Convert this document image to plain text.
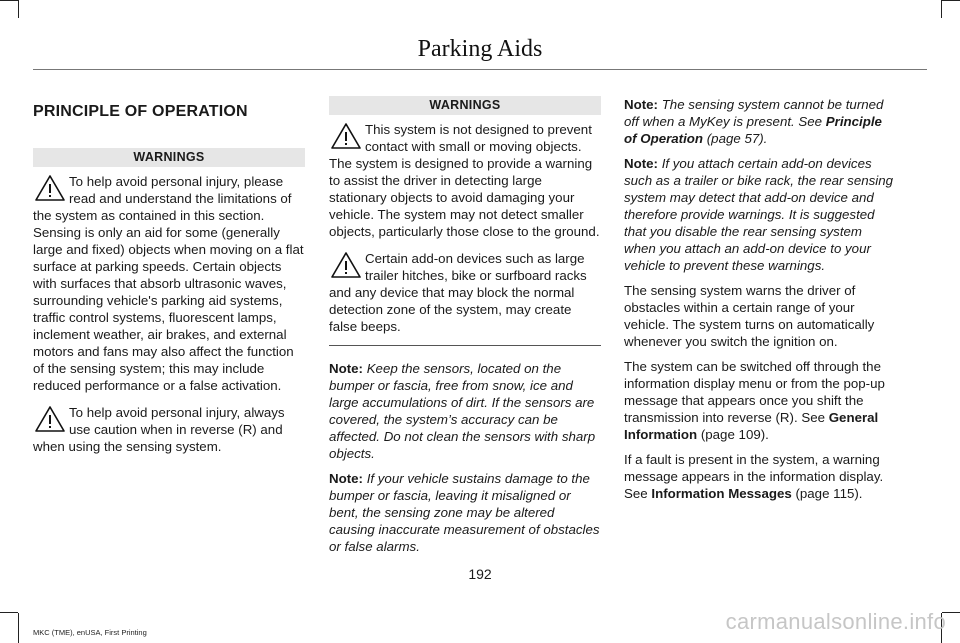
Parking Aids
PRINCIPLE OF OPERATION
WARNINGS
To help avoid personal injury, please read and understand the limitations of the system as contained in this section. Sensing is only an aid for some (generally large and fixed) objects when moving on a flat surface at parking speeds. Certain objects with surfaces that absorb ultrasonic waves, surrounding vehicle's parking aid systems, traffic control systems, fluorescent lamps, inclement weather, air brakes, and external motors and fans may also affect the function of the sensing system; this may include reduced performance or a false activation.
To help avoid personal injury, always use caution when in reverse (R) and when using the sensing system.
WARNINGS
This system is not designed to prevent contact with small or moving objects. The system is designed to provide a warning to assist the driver in detecting large stationary objects to avoid damaging your vehicle. The system may not detect smaller objects, particularly those close to the ground.
Certain add-on devices such as large trailer hitches, bike or surfboard racks and any device that may block the normal detection zone of the system, may create false beeps.

Note: Keep the sensors, located on the bumper or fascia, free from snow, ice and large accumulations of dirt. If the sensors are covered, the system’s accuracy can be affected. Do not clean the sensors with sharp objects.

Note: If your vehicle sustains damage to the bumper or fascia, leaving it misaligned or bent, the sensing zone may be altered causing inaccurate measurement of obstacles or false alarms.

Note: The sensing system cannot be turned off when a MyKey is present. See Principle of Operation (page 57).

Note: If you attach certain add-on devices such as a trailer or bike rack, the rear sensing system may detect that add-on device and therefore provide warnings. It is suggested that you disable the rear sensing system when you attach an add-on device to your vehicle to prevent these warnings.

The sensing system warns the driver of obstacles within a certain range of your vehicle. The system turns on automatically whenever you switch the ignition on.

The system can be switched off through the information display menu or from the pop-up message that appears once you shift the transmission into reverse (R). See General Information (page 109).

If a fault is present in the system, a warning message appears in the information display. See Information Messages (page 115).

192
MKC (TME), enUSA, First Printing	carmanualsonline.info
